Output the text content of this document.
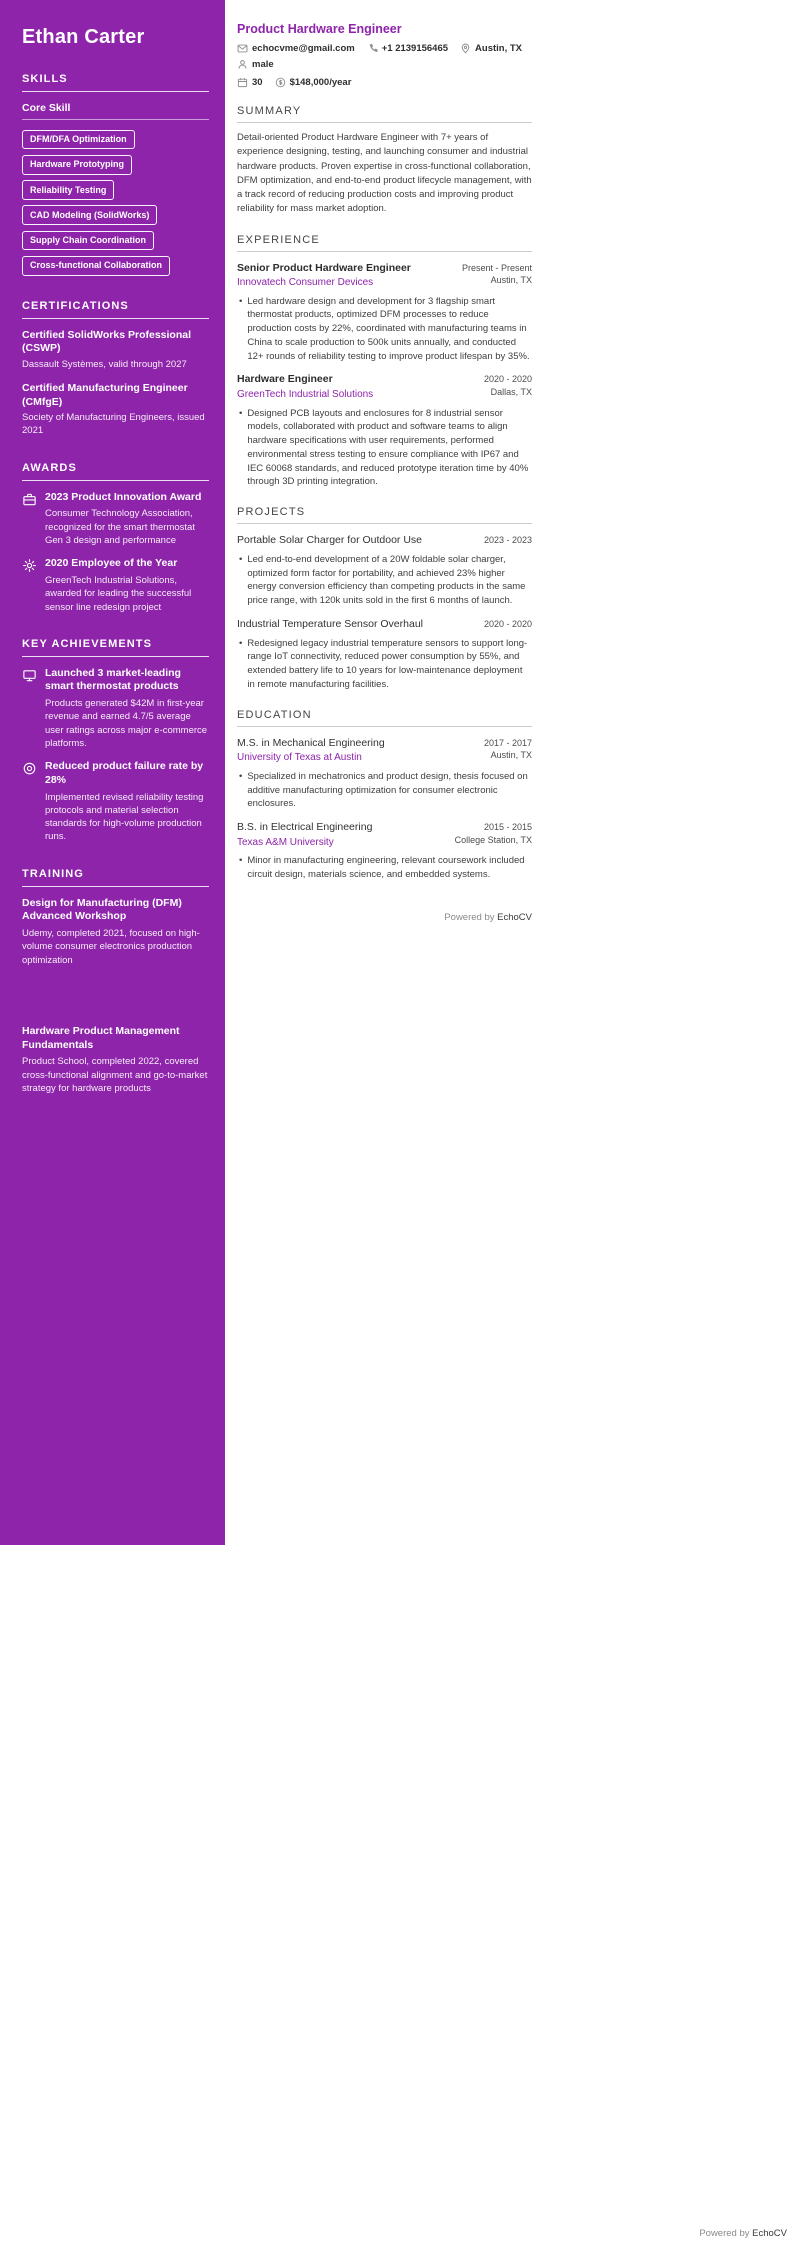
Ethan Carter
SKILLS
Core Skill
DFM/DFA Optimization
Hardware Prototyping
Reliability Testing
CAD Modeling (SolidWorks)
Supply Chain Coordination
Cross-functional Collaboration
CERTIFICATIONS
Certified SolidWorks Professional (CSWP)
Dassault Systèmes, valid through 2027
Certified Manufacturing Engineer (CMfgE)
Society of Manufacturing Engineers, issued 2021
AWARDS
2023 Product Innovation Award
Consumer Technology Association, recognized for the smart thermostat Gen 3 design and performance
2020 Employee of the Year
GreenTech Industrial Solutions, awarded for leading the successful sensor line redesign project
KEY ACHIEVEMENTS
Launched 3 market-leading smart thermostat products
Products generated $42M in first-year revenue and earned 4.7/5 average user ratings across major e-commerce platforms.
Reduced product failure rate by 28%
Implemented revised reliability testing protocols and material selection standards for high-volume production runs.
TRAINING
Design for Manufacturing (DFM) Advanced Workshop
Udemy, completed 2021, focused on high-volume consumer electronics production optimization
Hardware Product Management Fundamentals
Product School, completed 2022, covered cross-functional alignment and go-to-market strategy for hardware products
Product Hardware Engineer
echocvme@gmail.com	+1 2139156465	Austin, TX
male
30	$148,000/year
SUMMARY
Detail-oriented Product Hardware Engineer with 7+ years of experience designing, testing, and launching consumer and industrial hardware products. Proven expertise in cross-functional collaboration, DFM optimization, and end-to-end product lifecycle management, with a track record of reducing production costs and improving product reliability for mass market adoption.
EXPERIENCE
Senior Product Hardware Engineer	Present - Present
Innovatech Consumer Devices	Austin, TX
• Led hardware design and development for 3 flagship smart thermostat products, optimized DFM processes to reduce production costs by 22%, coordinated with manufacturing teams in China to scale production to 500k units annually, and conducted 12+ rounds of reliability testing to improve product lifespan by 35%.
Hardware Engineer	2020 - 2020
GreenTech Industrial Solutions	Dallas, TX
• Designed PCB layouts and enclosures for 8 industrial sensor models, collaborated with product and software teams to align hardware specifications with user requirements, performed environmental stress testing to ensure compliance with IP67 and IEC 60068 standards, and reduced prototype iteration time by 40% through 3D printing integration.
PROJECTS
Portable Solar Charger for Outdoor Use	2023 - 2023
• Led end-to-end development of a 20W foldable solar charger, optimized form factor for portability, and achieved 23% higher energy conversion efficiency than competing products in the same price range, with 120k units sold in the first 6 months of launch.
Industrial Temperature Sensor Overhaul	2020 - 2020
• Redesigned legacy industrial temperature sensors to support long-range IoT connectivity, reduced power consumption by 55%, and extended battery life to 10 years for low-maintenance deployment in remote manufacturing facilities.
EDUCATION
M.S. in Mechanical Engineering	2017 - 2017
University of Texas at Austin	Austin, TX
• Specialized in mechatronics and product design, thesis focused on additive manufacturing optimization for consumer electronic enclosures.
B.S. in Electrical Engineering	2015 - 2015
Texas A&M University	College Station, TX
• Minor in manufacturing engineering, relevant coursework included circuit design, materials science, and embedded systems.
Powered by EchoCV
Powered by EchoCV
